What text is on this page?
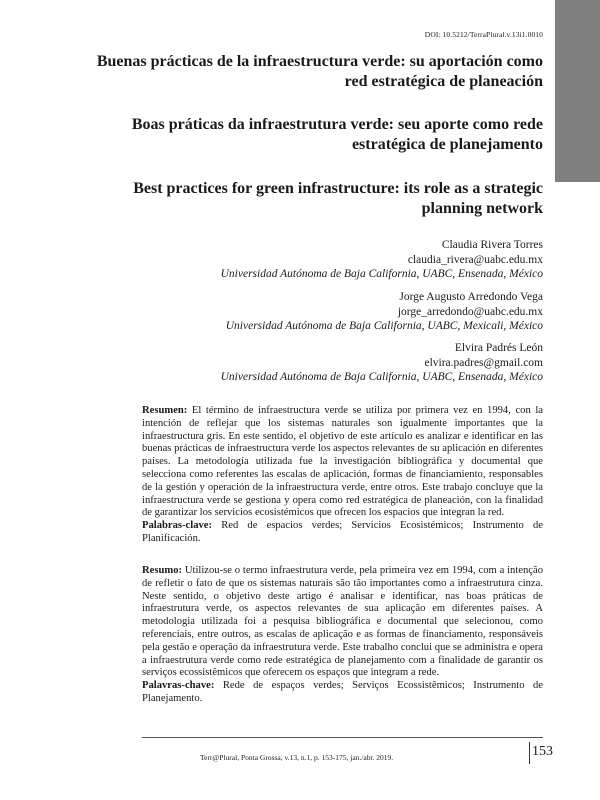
DOI: 10.5212/TerraPlural.v.13i1.0010
Buenas prácticas de la infraestructura verde: su aportación como red estratégica de planeación
Boas práticas da infraestrutura verde: seu aporte como rede estratégica de planejamento
Best practices for green infrastructure: its role as a strategic planning network
Claudia Rivera Torres
claudia_rivera@uabc.edu.mx
Universidad Autónoma de Baja California, UABC, Ensenada, México
Jorge Augusto Arredondo Vega
jorge_arredondo@uabc.edu.mx
Universidad Autónoma de Baja California, UABC, Mexicali, México
Elvira Padrés León
elvira.padres@gmail.com
Universidad Autónoma de Baja California, UABC, Ensenada, México
Resumen: El término de infraestructura verde se utiliza por primera vez en 1994, con la intención de reflejar que los sistemas naturales son igualmente importantes que la infraestructura gris. En este sentido, el objetivo de este artículo es analizar e identificar en las buenas prácticas de infraestructura verde los aspectos relevantes de su aplicación en diferentes países. La metodología utilizada fue la investigación bibliográfica y documental que selecciona como referentes las escalas de aplicación, formas de financiamiento, responsables de la gestión y operación de la infraestructura verde, entre otros. Este trabajo concluye que la infraestructura verde se gestiona y opera como red estratégica de planeación, con la finalidad de garantizar los servicios ecosistémicos que ofrecen los espacios que integran la red.
Palabras-clave: Red de espacios verdes; Servicios Ecosistémicos; Instrumento de Planificación.
Resumo: Utilizou-se o termo infraestrutura verde, pela primeira vez em 1994, com a intenção de refletir o fato de que os sistemas naturais são tão importantes como a infraestrutura cinza. Neste sentido, o objetivo deste artigo é analisar e identificar, nas boas práticas de infraestrutura verde, os aspectos relevantes de sua aplicação em diferentes países. A metodologia utilizada foi a pesquisa bibliográfica e documental que selecionou, como referenciais, entre outros, as escalas de aplicação e as formas de financiamento, responsáveis pela gestão e operação da infraestrutura verde. Este trabalho conclui que se administra e opera a infraestrutura verde como rede estratégica de planejamento com a finalidade de garantir os serviços ecossistêmicos que oferecem os espaços que integram a rede.
Palavras-chave: Rede de espaços verdes; Serviços Ecossistêmicos; Instrumento de Planejamento.
Terr@Plural, Ponta Grossa, v.13, n.1, p. 153-175, jan./abr. 2019.	153
